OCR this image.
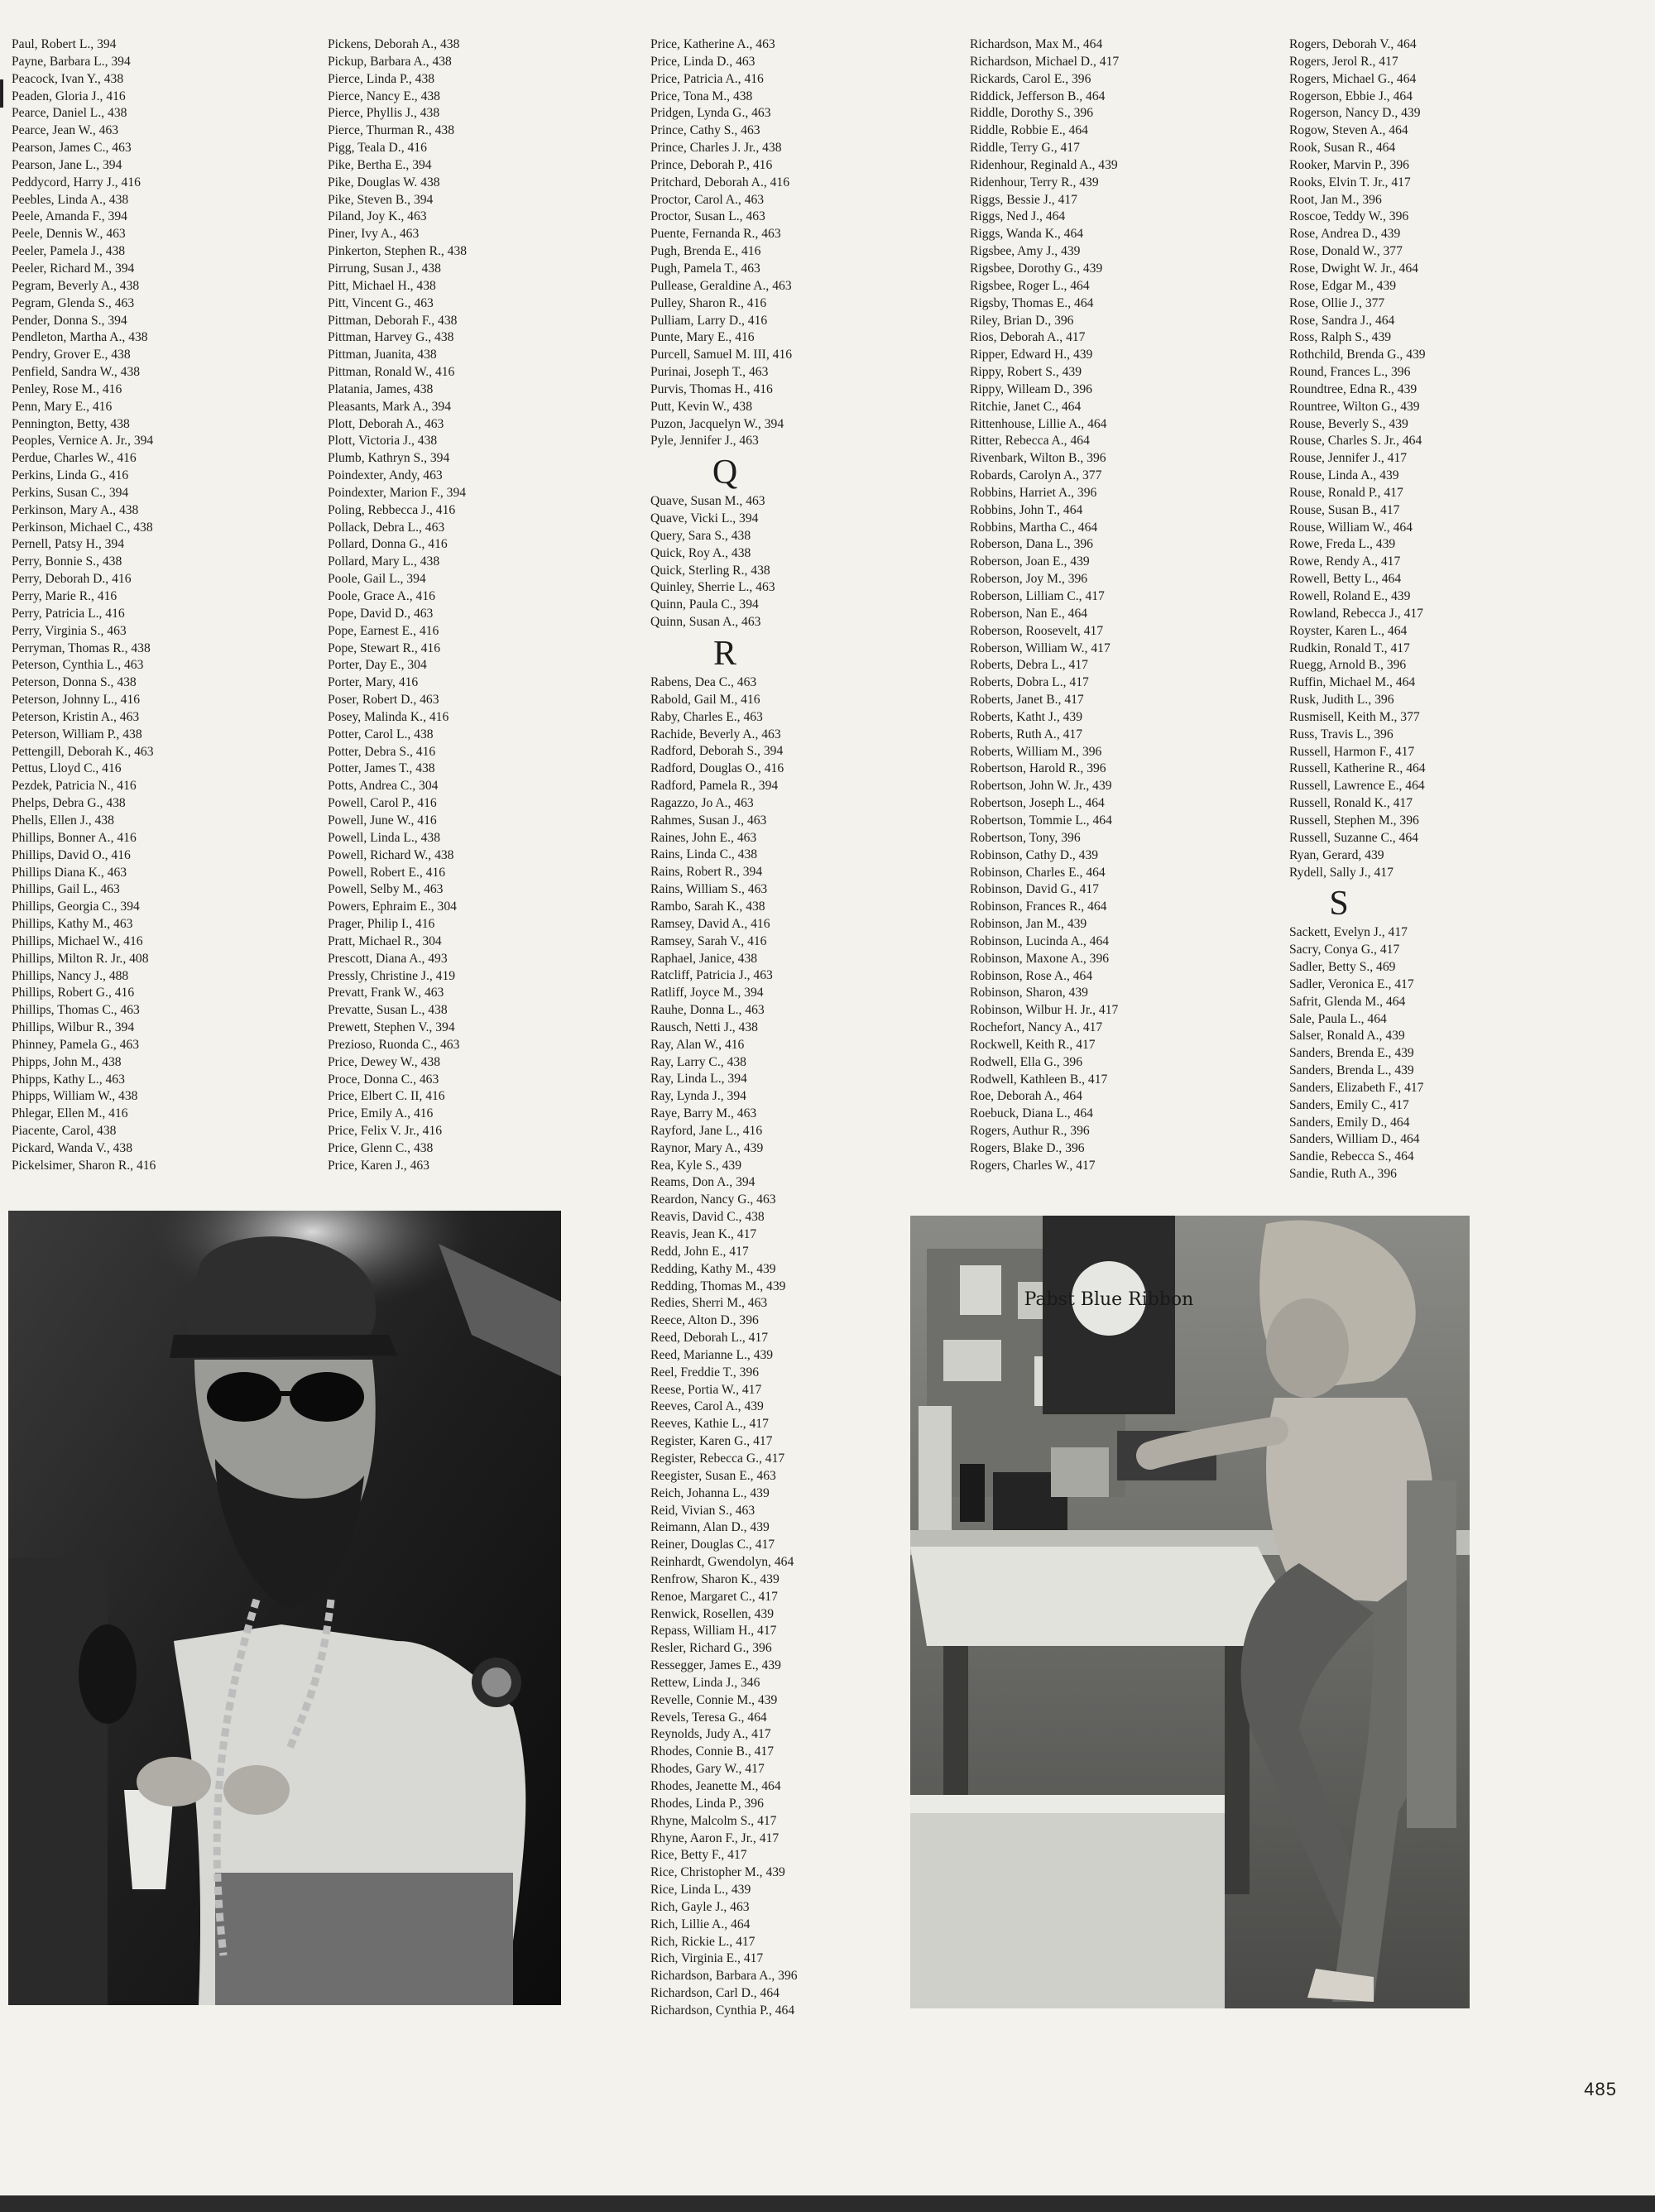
Paul, Robert L., 394
Payne, Barbara L., 394
Peacock, Ivan Y., 438
Peaden, Gloria J., 416
Pearce, Daniel L., 438
Pearce, Jean W., 463
Pearson, James C., 463
Pearson, Jane L., 394
Peddycord, Harry J., 416
Peebles, Linda A., 438
Peele, Amanda F., 394
Peele, Dennis W., 463
Peeler, Pamela J., 438
Peeler, Richard M., 394
Pegram, Beverly A., 438
Pegram, Glenda S., 463
Pender, Donna S., 394
Pendleton, Martha A., 438
Pendry, Grover E., 438
Penfield, Sandra W., 438
Penley, Rose M., 416
Penn, Mary E., 416
Pennington, Betty, 438
Peoples, Vernice A. Jr., 394
Perdue, Charles W., 416
Perkins, Linda G., 416
Perkins, Susan C., 394
Perkinson, Mary A., 438
Perkinson, Michael C., 438
Pernell, Patsy H., 394
Perry, Bonnie S., 438
Perry, Deborah D., 416
Perry, Marie R., 416
Perry, Patricia L., 416
Perry, Virginia S., 463
Perryman, Thomas R., 438
Peterson, Cynthia L., 463
Peterson, Donna S., 438
Peterson, Johnny L., 416
Peterson, Kristin A., 463
Peterson, William P., 438
Pettengill, Deborah K., 463
Pettus, Lloyd C., 416
Pezdek, Patricia N., 416
Phelps, Debra G., 438
Phells, Ellen J., 438
Phillips, Bonner A., 416
Phillips, David O., 416
Phillips Diana K., 463
Phillips, Gail L., 463
Phillips, Georgia C., 394
Phillips, Kathy M., 463
Phillips, Michael W., 416
Phillips, Milton R. Jr., 408
Phillips, Nancy J., 488
Phillips, Robert G., 416
Phillips, Thomas C., 463
Phillips, Wilbur R., 394
Phinney, Pamela G., 463
Phipps, John M., 438
Phipps, Kathy L., 463
Phipps, William W., 438
Phlegar, Ellen M., 416
Piacente, Carol, 438
Pickard, Wanda V., 438
Pickelsimer, Sharon R., 416
Pickens, Deborah A., 438
Pickup, Barbara A., 438
Pierce, Linda P., 438
Pierce, Nancy E., 438
Pierce, Phyllis J., 438
Pierce, Thurman R., 438
Pigg, Teala D., 416
Pike, Bertha E., 394
Pike, Douglas W. 438
Pike, Steven B., 394
Piland, Joy K., 463
Piner, Ivy A., 463
Pinkerton, Stephen R., 438
Pirrung, Susan J., 438
Pitt, Michael H., 438
Pitt, Vincent G., 463
Pittman, Deborah F., 438
Pittman, Harvey G., 438
Pittman, Juanita, 438
Pittman, Ronald W., 416
Platania, James, 438
Pleasants, Mark A., 394
Plott, Deborah A., 463
Plott, Victoria J., 438
Plumb, Kathryn S., 394
Poindexter, Andy, 463
Poindexter, Marion F., 394
Poling, Rebbecca J., 416
Pollack, Debra L., 463
Pollard, Donna G., 416
Pollard, Mary L., 438
Poole, Gail L., 394
Poole, Grace A., 416
Pope, David D., 463
Pope, Earnest E., 416
Pope, Stewart R., 416
Porter, Day E., 304
Porter, Mary, 416
Poser, Robert D., 463
Posey, Malinda K., 416
Potter, Carol L., 438
Potter, Debra S., 416
Potter, James T., 438
Potts, Andrea C., 304
Powell, Carol P., 416
Powell, June W., 416
Powell, Linda L., 438
Powell, Richard W., 438
Powell, Robert E., 416
Powell, Selby M., 463
Powers, Ephraim E., 304
Prager, Philip I., 416
Pratt, Michael R., 304
Prescott, Diana A., 493
Pressly, Christine J., 419
Prevatt, Frank W., 463
Prevatte, Susan L., 438
Prewett, Stephen V., 394
Prezioso, Ruonda C., 463
Price, Dewey W., 438
Proce, Donna C., 463
Price, Elbert C. II, 416
Price, Emily A., 416
Price, Felix V. Jr., 416
Price, Glenn C., 438
Price, Karen J., 463
Price, Katherine A., 463
Price, Linda D., 463
Price, Patricia A., 416
Price, Tona M., 438
Pridgen, Lynda G., 463
Prince, Cathy S., 463
Prince, Charles J. Jr., 438
Prince, Deborah P., 416
Pritchard, Deborah A., 416
Proctor, Carol A., 463
Proctor, Susan L., 463
Puente, Fernanda R., 463
Pugh, Brenda E., 416
Pugh, Pamela T., 463
Pullease, Geraldine A., 463
Pulley, Sharon R., 416
Pulliam, Larry D., 416
Punte, Mary E., 416
Purcell, Samuel M. III, 416
Purinai, Joseph T., 463
Purvis, Thomas H., 416
Putt, Kevin W., 438
Puzon, Jacquelyn W., 394
Pyle, Jennifer J., 463
Q
Quave, Susan M., 463
Quave, Vicki L., 394
Query, Sara S., 438
Quick, Roy A., 438
Quick, Sterling R., 438
Quinley, Sherrie L., 463
Quinn, Paula C., 394
Quinn, Susan A., 463
R
Rabens, Dea C., 463
Rabold, Gail M., 416
Raby, Charles E., 463
Rachide, Beverly A., 463
Radford, Deborah S., 394
Radford, Douglas O., 416
Radford, Pamela R., 394
Ragazzo, Jo A., 463
Rahmes, Susan J., 463
Raines, John E., 463
Rains, Linda C., 438
Rains, Robert R., 394
Rains, William S., 463
Rambo, Sarah K., 438
Ramsey, David A., 416
Ramsey, Sarah V., 416
Raphael, Janice, 438
Ratcliff, Patricia J., 463
Ratliff, Joyce M., 394
Rauhe, Donna L., 463
Rausch, Netti J., 438
Ray, Alan W., 416
Ray, Larry C., 438
Ray, Linda L., 394
Ray, Lynda J., 394
Raye, Barry M., 463
Rayford, Jane L., 416
Raynor, Mary A., 439
Rea, Kyle S., 439
Reams, Don A., 394
Reardon, Nancy G., 463
Reavis, David C., 438
Reavis, Jean K., 417
Redd, John E., 417
Redding, Kathy M., 439
Redding, Thomas M., 439
Redies, Sherri M., 463
Reece, Alton D., 396
Reed, Deborah L., 417
Reed, Marianne L., 439
Reel, Freddie T., 396
Reese, Portia W., 417
Reeves, Carol A., 439
Reeves, Kathie L., 417
Register, Karen G., 417
Register, Rebecca G., 417
Reegister, Susan E., 463
Reich, Johanna L., 439
Reid, Vivian S., 463
Reimann, Alan D., 439
Reiner, Douglas C., 417
Reinhardt, Gwendolyn, 464
Renfrow, Sharon K., 439
Renoe, Margaret C., 417
Renwick, Rosellen, 439
Repass, William H., 417
Resler, Richard G., 396
Ressegger, James E., 439
Rettew, Linda J., 346
Revelle, Connie M., 439
Revels, Teresa G., 464
Reynolds, Judy A., 417
Rhodes, Connie B., 417
Rhodes, Gary W., 417
Rhodes, Jeanette M., 464
Rhodes, Linda P., 396
Rhyne, Malcolm S., 417
Rhyne, Aaron F., Jr., 417
Rice, Betty F., 417
Rice, Christopher M., 439
Rice, Linda L., 439
Rich, Gayle J., 463
Rich, Lillie A., 464
Rich, Rickie L., 417
Rich, Virginia E., 417
Richardson, Barbara A., 396
Richardson, Carl D., 464
Richardson, Cynthia P., 464
Richardson, Max M., 464
Richardson, Michael D., 417
Rickards, Carol E., 396
Riddick, Jefferson B., 464
Riddle, Dorothy S., 396
Riddle, Robbie E., 464
Riddle, Terry G., 417
Ridenhour, Reginald A., 439
Ridenhour, Terry R., 439
Riggs, Bessie J., 417
Riggs, Ned J., 464
Riggs, Wanda K., 464
Rigsbee, Amy J., 439
Rigsbee, Dorothy G., 439
Rigsbee, Roger L., 464
Rigsby, Thomas E., 464
Riley, Brian D., 396
Rios, Deborah A., 417
Ripper, Edward H., 439
Rippy, Robert S., 439
Rippy, Willeam D., 396
Ritchie, Janet C., 464
Rittenhouse, Lillie A., 464
Ritter, Rebecca A., 464
Rivenbark, Wilton B., 396
Robards, Carolyn A., 377
Robbins, Harriet A., 396
Robbins, John T., 464
Robbins, Martha C., 464
Roberson, Dana L., 396
Roberson, Joan E., 439
Roberson, Joy M., 396
Roberson, Lilliam C., 417
Roberson, Nan E., 464
Roberson, Roosevelt, 417
Roberson, William W., 417
Roberts, Debra L., 417
Roberts, Dobra L., 417
Roberts, Janet B., 417
Roberts, Katht J., 439
Roberts, Ruth A., 417
Roberts, William M., 396
Robertson, Harold R., 396
Robertson, John W. Jr., 439
Robertson, Joseph L., 464
Robertson, Tommie L., 464
Robertson, Tony, 396
Robinson, Cathy D., 439
Robinson, Charles E., 464
Robinson, David G., 417
Robinson, Frances R., 464
Robinson, Jan M., 439
Robinson, Lucinda A., 464
Robinson, Maxone A., 396
Robinson, Rose A., 464
Robinson, Sharon, 439
Robinson, Wilbur H. Jr., 417
Rochefort, Nancy A., 417
Rockwell, Keith R., 417
Rodwell, Ella G., 396
Rodwell, Kathleen B., 417
Roe, Deborah A., 464
Roebuck, Diana L., 464
Rogers, Authur R., 396
Rogers, Blake D., 396
Rogers, Charles W., 417
Rogers, Deborah V., 464
Rogers, Jerol R., 417
Rogers, Michael G., 464
Rogerson, Ebbie J., 464
Rogerson, Nancy D., 439
Rogow, Steven A., 464
Rook, Susan R., 464
Rooker, Marvin P., 396
Rooks, Elvin T. Jr., 417
Root, Jan M., 396
Roscoe, Teddy W., 396
Rose, Andrea D., 439
Rose, Donald W., 377
Rose, Dwight W. Jr., 464
Rose, Edgar M., 439
Rose, Ollie J., 377
Rose, Sandra J., 464
Ross, Ralph S., 439
Rothchild, Brenda G., 439
Round, Frances L., 396
Roundtree, Edna R., 439
Rountree, Wilton G., 439
Rouse, Beverly S., 439
Rouse, Charles S. Jr., 464
Rouse, Jennifer J., 417
Rouse, Linda A., 439
Rouse, Ronald P., 417
Rouse, Susan B., 417
Rouse, William W., 464
Rowe, Freda L., 439
Rowe, Rendy A., 417
Rowell, Betty L., 464
Rowell, Roland E., 439
Rowland, Rebecca J., 417
Royster, Karen L., 464
Rudkin, Ronald T., 417
Ruegg, Arnold B., 396
Ruffin, Michael M., 464
Rusk, Judith L., 396
Rusmisell, Keith M., 377
Russ, Travis L., 396
Russell, Harmon F., 417
Russell, Katherine R., 464
Russell, Lawrence E., 464
Russell, Ronald K., 417
Russell, Stephen M., 396
Russell, Suzanne C., 464
Ryan, Gerard, 439
Rydell, Sally J., 417
S
Sackett, Evelyn J., 417
Sacry, Conya G., 417
Sadler, Betty S., 469
Sadler, Veronica E., 417
Safrit, Glenda M., 464
Sale, Paula L., 464
Salser, Ronald A., 439
Sanders, Brenda E., 439
Sanders, Brenda L., 439
Sanders, Elizabeth F., 417
Sanders, Emily C., 417
Sanders, Emily D., 464
Sanders, William D., 464
Sandie, Rebecca S., 464
Sandie, Ruth A., 396
Pabst Blue Ribbon
485
